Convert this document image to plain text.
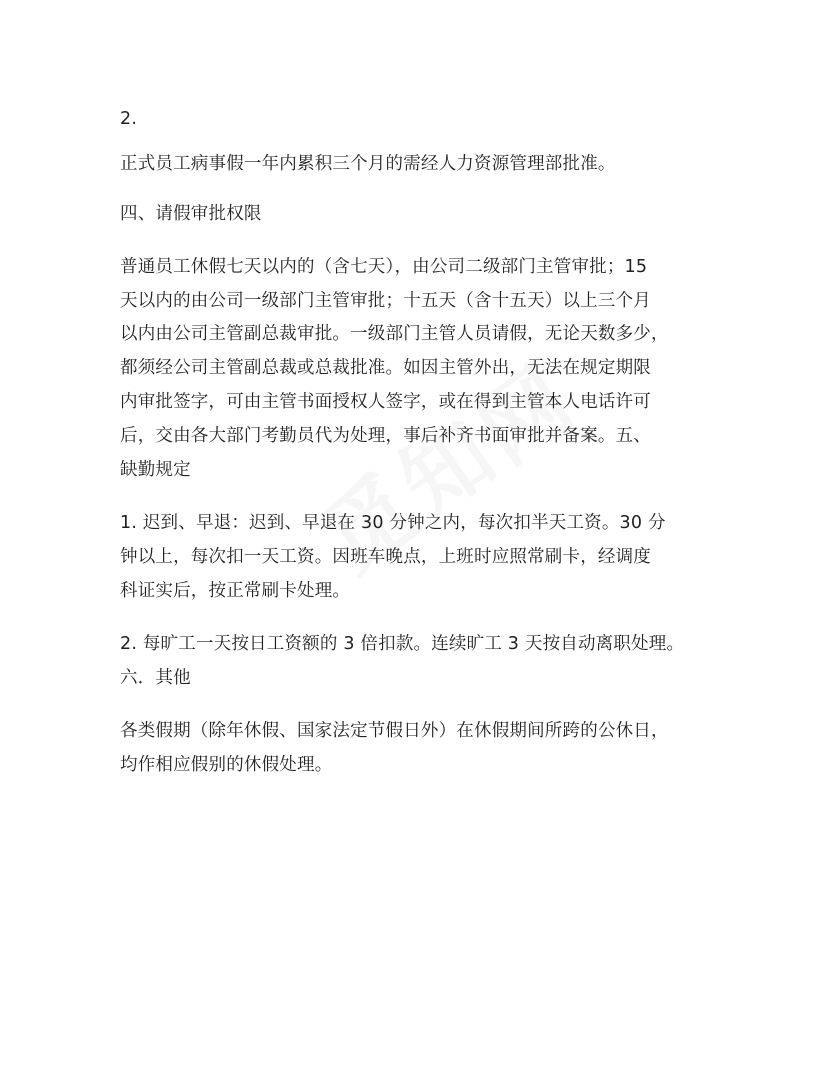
2.
正式员工病事假一年内累积三个月的需经人力资源管理部批准。
四、请假审批权限
普通员工休假七天以内的（含七天），由公司二级部门主管审批；15
天以内的由公司一级部门主管审批；十五天（含十五天）以上三个月
以内由公司主管副总裁审批。一级部门主管人员请假，无论天数多少，
都须经公司主管副总裁或总裁批准。如因主管外出，无法在规定期限
内审批签字，可由主管书面授权人签字，或在得到主管本人电话许可
后，交由各大部门考勤员代为处理，事后补齐书面审批并备案。五、
缺勤规定
1. 迟到、早退：迟到、早退在 30 分钟之内，每次扣半天工资。30 分
钟以上，每次扣一天工资。因班车晚点，上班时应照常刷卡，经调度
科证实后，按正常刷卡处理。
2. 每旷工一天按日工资额的 3 倍扣款。连续旷工 3 天按自动离职处理。
六．其他
各类假期（除年休假、国家法定节假日外）在休假期间所跨的公休日，
均作相应假别的休假处理。
